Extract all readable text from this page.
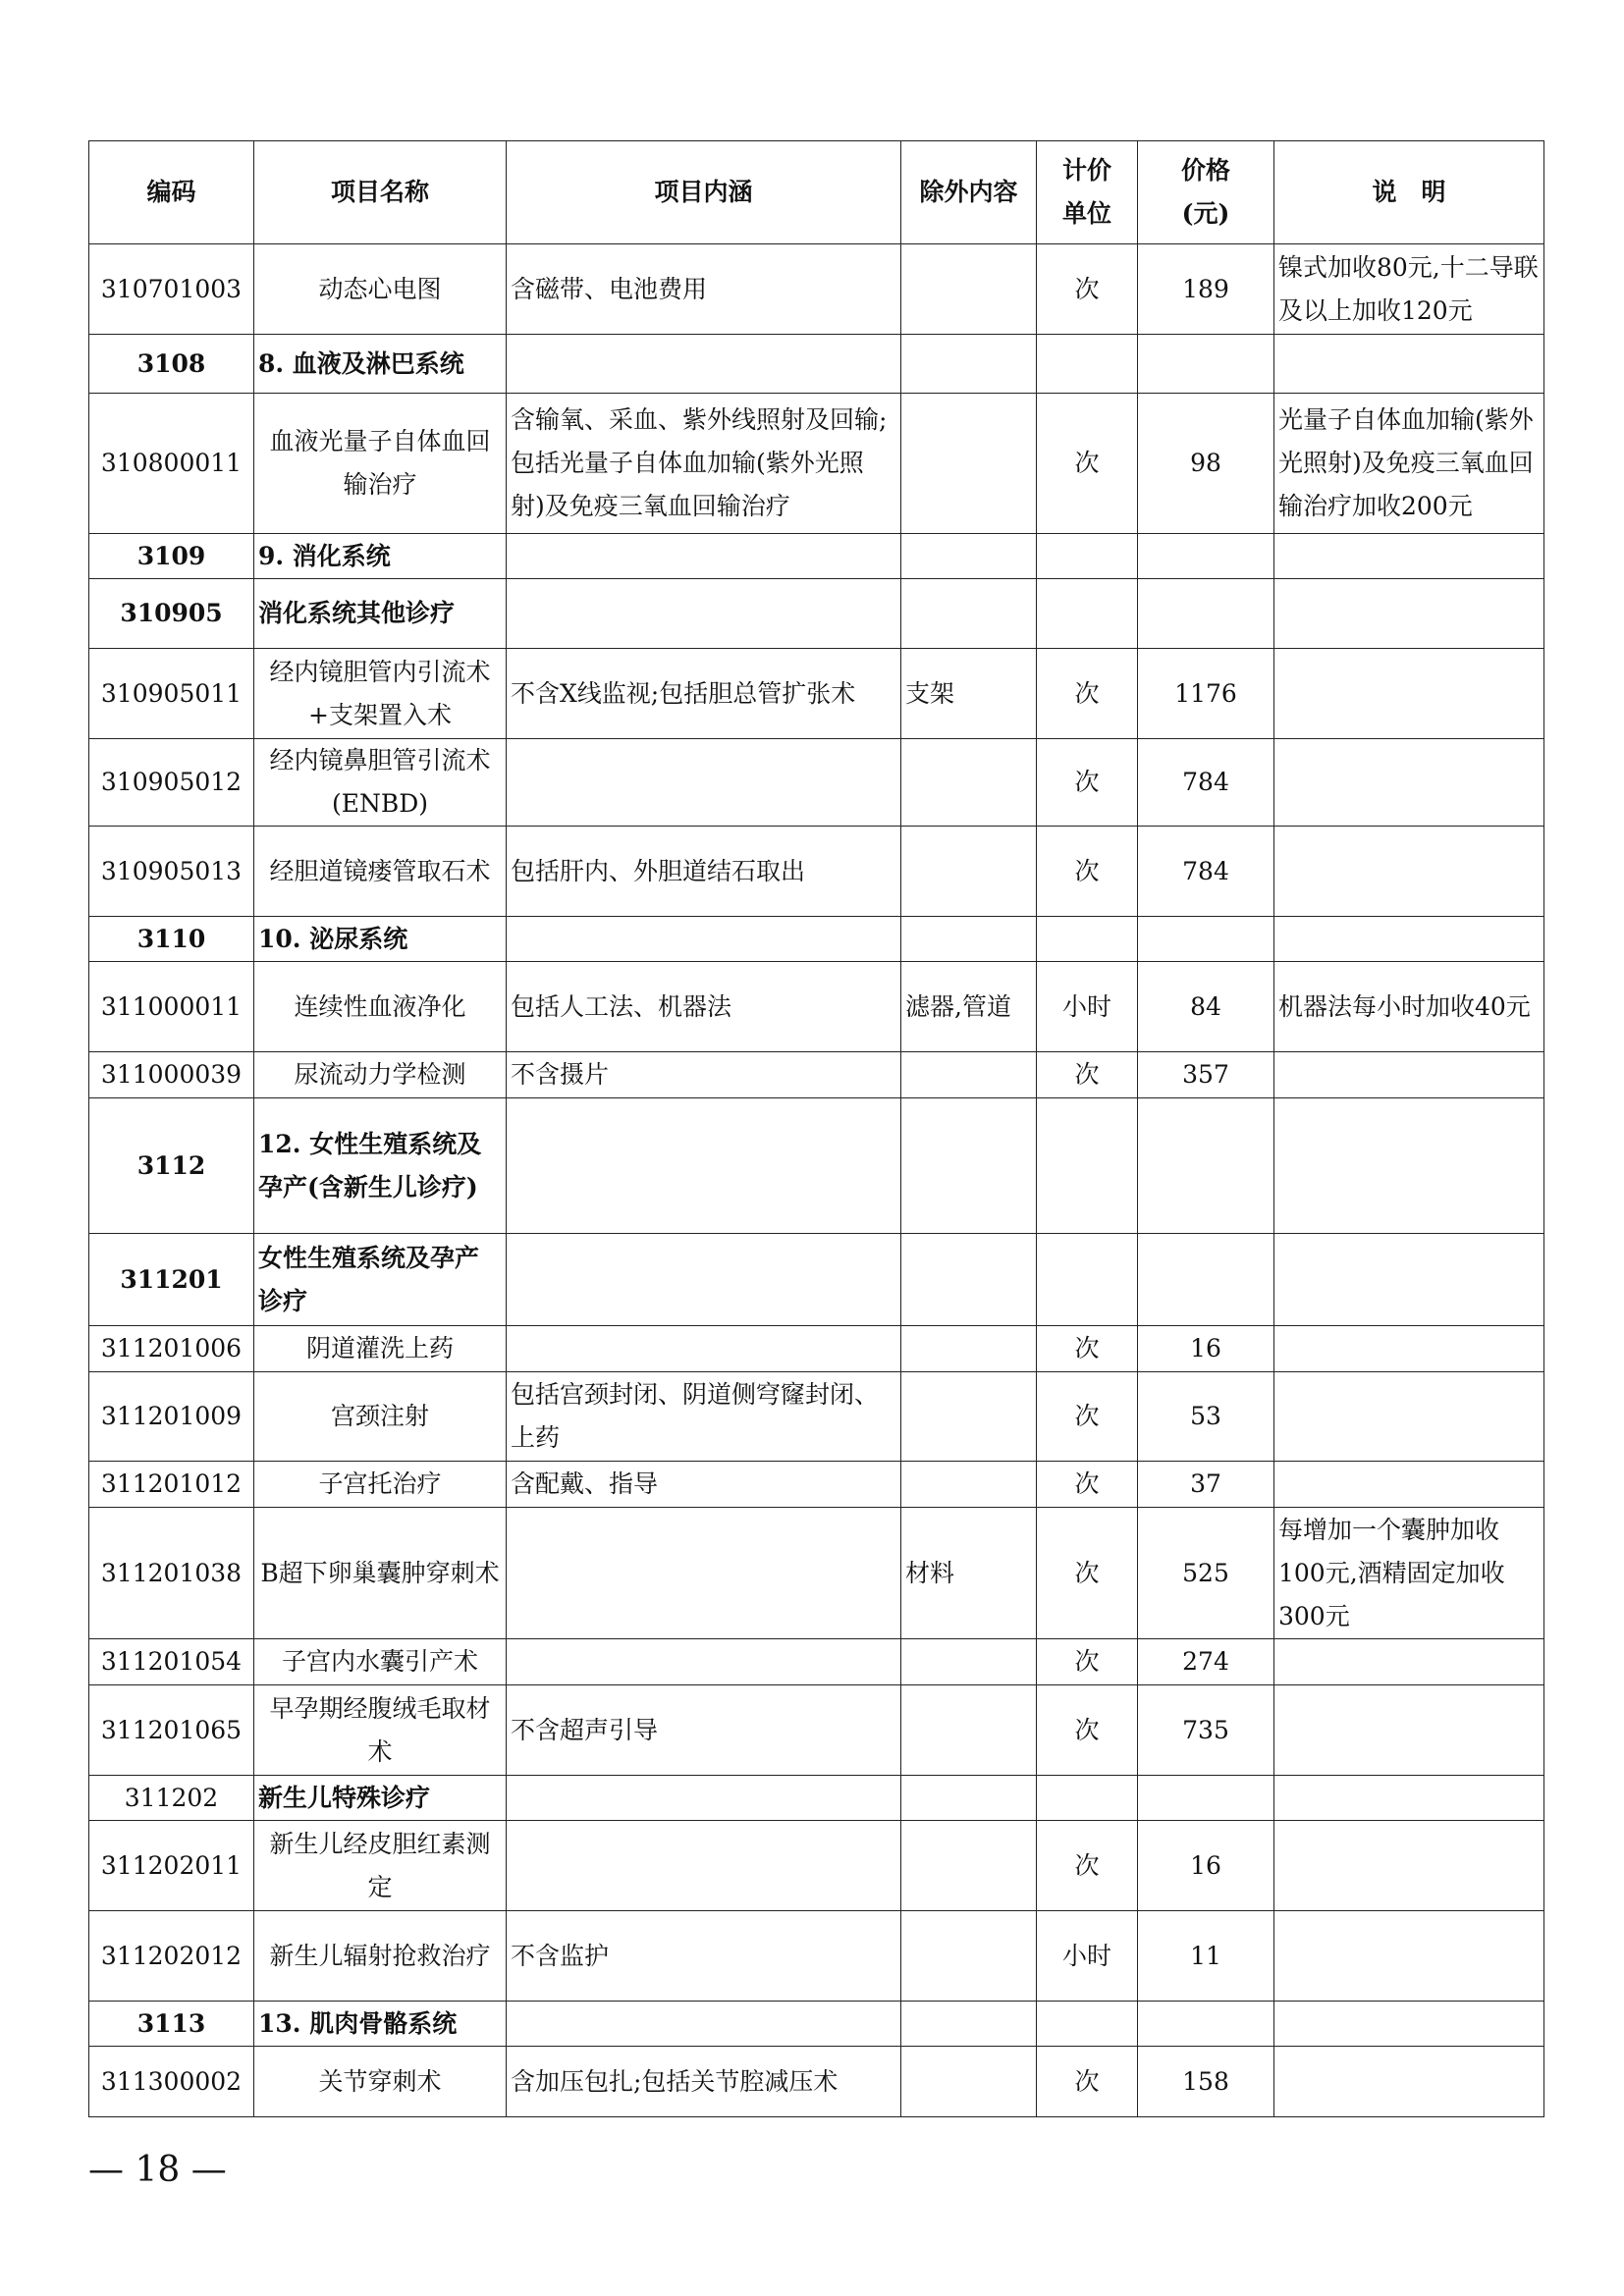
编码	项目名称	项目内涵	除外内容	计价单位	价格(元)	说　明
310701003	动态心电图	含磁带、电池费用		次	189	镍式加收80元,十二导联及以上加收120元
3108	8. 血液及淋巴系统					
310800011	血液光量子自体血回输治疗	含输氧、采血、紫外线照射及回输;包括光量子自体血加输(紫外光照射)及免疫三氧血回输治疗		次	98	光量子自体血加输(紫外光照射)及免疫三氧血回输治疗加收200元
3109	9. 消化系统					
310905	消化系统其他诊疗					
310905011	经内镜胆管内引流术+支架置入术	不含X线监视;包括胆总管扩张术	支架	次	1176	
310905012	经内镜鼻胆管引流术(ENBD)			次	784	
310905013	经胆道镜瘘管取石术	包括肝内、外胆道结石取出		次	784	
3110	10. 泌尿系统					
311000011	连续性血液净化	包括人工法、机器法	滤器,管道	小时	84	机器法每小时加收40元
311000039	尿流动力学检测	不含摄片		次	357	
3112	12. 女性生殖系统及孕产(含新生儿诊疗)					
311201	女性生殖系统及孕产诊疗					
311201006	阴道灌洗上药			次	16	
311201009	宫颈注射	包括宫颈封闭、阴道侧穹窿封闭、上药		次	53	
311201012	子宫托治疗	含配戴、指导		次	37	
311201038	B超下卵巢囊肿穿刺术		材料	次	525	每增加一个囊肿加收100元,酒精固定加收300元
311201054	子宫内水囊引产术			次	274	
311201065	早孕期经腹绒毛取材术	不含超声引导		次	735	
311202	新生儿特殊诊疗					
311202011	新生儿经皮胆红素测定			次	16	
311202012	新生儿辐射抢救治疗	不含监护		小时	11	
3113	13. 肌肉骨骼系统					
311300002	关节穿刺术	含加压包扎;包括关节腔减压术		次	158	
— 18 —
